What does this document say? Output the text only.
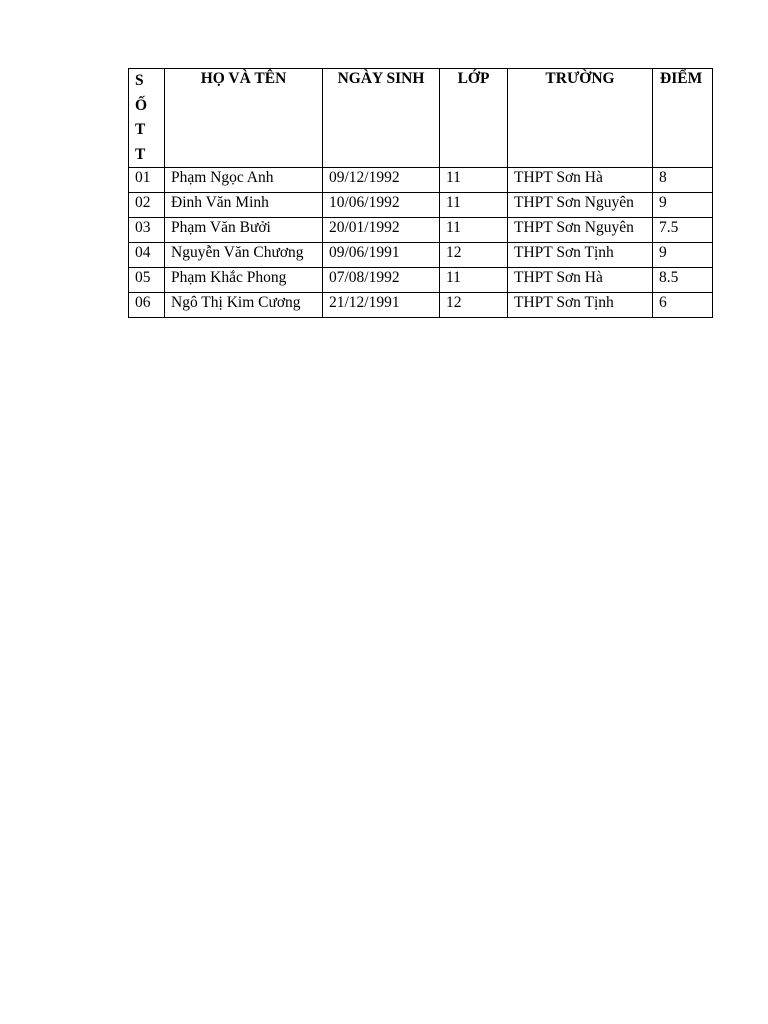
S
Ố
T
T	HỌ VÀ TÊN	NGÀY SINH	LỚP	TRƯỜNG	ĐIỂM
01	Phạm Ngọc Anh	09/12/1992	11	THPT Sơn Hà	8
02	Đinh Văn Minh	10/06/1992	11	THPT Sơn Nguyên	9
03	Phạm Văn Bưởi	20/01/1992	11	THPT Sơn Nguyên	7.5
04	Nguyễn Văn Chương	09/06/1991	12	THPT Sơn Tịnh	9
05	Phạm Khắc Phong	07/08/1992	11	THPT Sơn Hà	8.5
06	Ngô Thị Kim Cương	21/12/1991	12	THPT Sơn Tịnh	6
